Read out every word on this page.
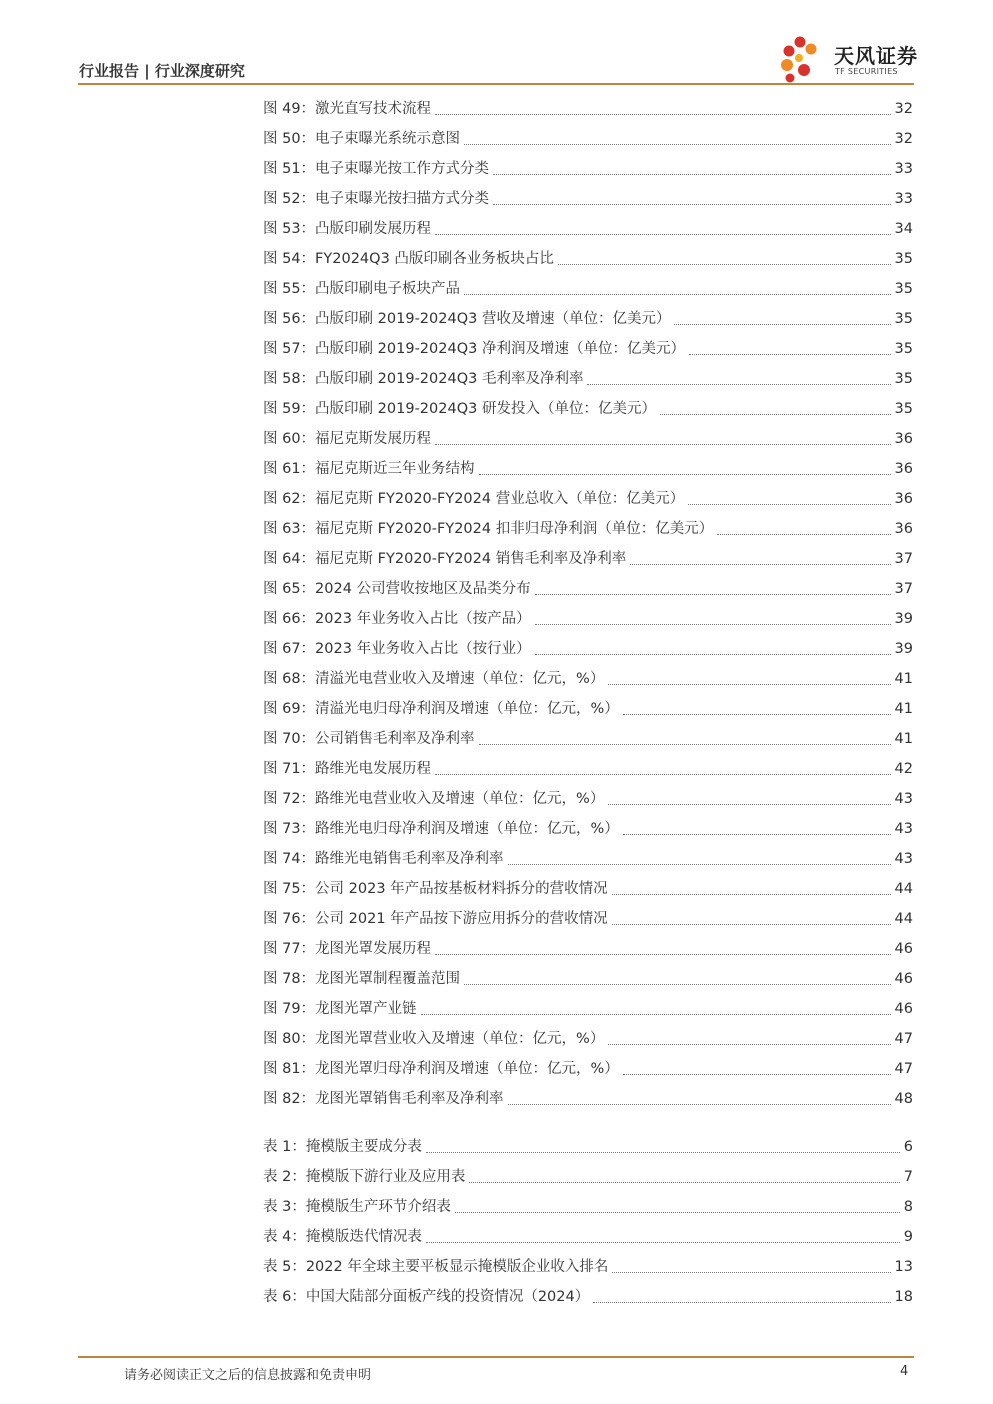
行业报告 | 行业深度研究
天风证券
TF SECURITIES
图 49：激光直写技术流程	32
图 50：电子束曝光系统示意图	32
图 51：电子束曝光按工作方式分类	33
图 52：电子束曝光按扫描方式分类	33
图 53：凸版印刷发展历程	34
图 54：FY2024Q3 凸版印刷各业务板块占比	35
图 55：凸版印刷电子板块产品	35
图 56：凸版印刷 2019-2024Q3 营收及增速（单位：亿美元）	35
图 57：凸版印刷 2019-2024Q3 净利润及增速（单位：亿美元）	35
图 58：凸版印刷 2019-2024Q3 毛利率及净利率	35
图 59：凸版印刷 2019-2024Q3 研发投入（单位：亿美元）	35
图 60：福尼克斯发展历程	36
图 61：福尼克斯近三年业务结构	36
图 62：福尼克斯 FY2020-FY2024 营业总收入（单位：亿美元）	36
图 63：福尼克斯 FY2020-FY2024 扣非归母净利润（单位：亿美元）	36
图 64：福尼克斯 FY2020-FY2024 销售毛利率及净利率	37
图 65：2024 公司营收按地区及品类分布	37
图 66：2023 年业务收入占比（按产品）	39
图 67：2023 年业务收入占比（按行业）	39
图 68：清溢光电营业收入及增速（单位：亿元，%）	41
图 69：清溢光电归母净利润及增速（单位：亿元，%）	41
图 70：公司销售毛利率及净利率	41
图 71：路维光电发展历程	42
图 72：路维光电营业收入及增速（单位：亿元，%）	43
图 73：路维光电归母净利润及增速（单位：亿元，%）	43
图 74：路维光电销售毛利率及净利率	43
图 75：公司 2023 年产品按基板材料拆分的营收情况	44
图 76：公司 2021 年产品按下游应用拆分的营收情况	44
图 77：龙图光罩发展历程	46
图 78：龙图光罩制程覆盖范围	46
图 79：龙图光罩产业链	46
图 80：龙图光罩营业收入及增速（单位：亿元，%）	47
图 81：龙图光罩归母净利润及增速（单位：亿元，%）	47
图 82：龙图光罩销售毛利率及净利率	48
表 1：掩模版主要成分表	6
表 2：掩模版下游行业及应用表	7
表 3：掩模版生产环节介绍表	8
表 4：掩模版迭代情况表	9
表 5：2022 年全球主要平板显示掩模版企业收入排名	13
表 6：中国大陆部分面板产线的投资情况（2024）	18
请务必阅读正文之后的信息披露和免责申明	4
